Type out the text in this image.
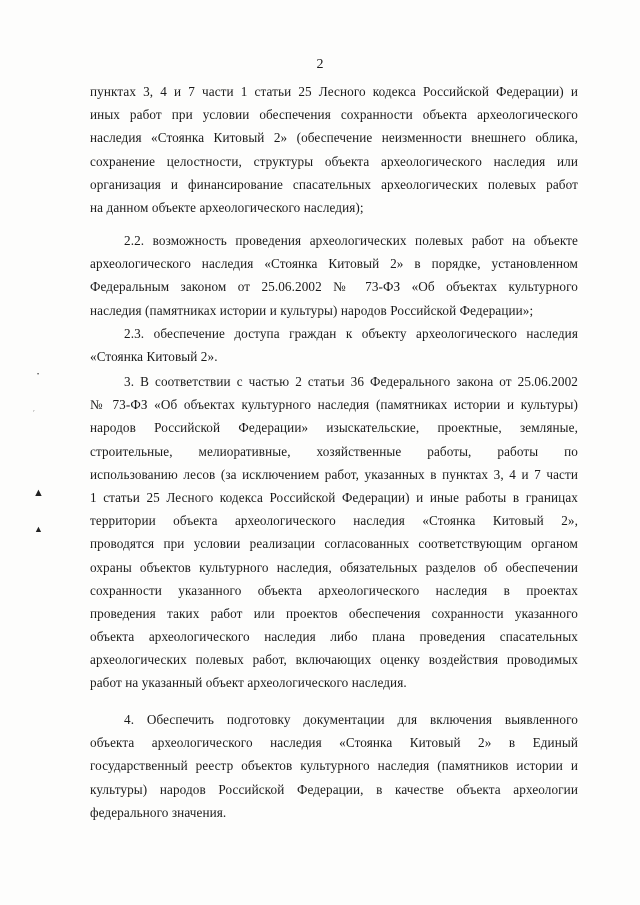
2
пунктах 3, 4 и 7 части 1 статьи 25 Лесного кодекса Российской Федерации) и
иных работ при условии обеспечения сохранности объекта археологического
наследия «Стоянка Китовый 2» (обеспечение неизменности внешнего облика,
сохранение целостности, структуры объекта археологического наследия или
организация и финансирование спасательных археологических полевых работ
на данном объекте археологического наследия);
2.2. возможность проведения археологических полевых работ на объекте
археологического наследия «Стоянка Китовый 2» в порядке, установленном
Федеральным законом от 25.06.2002 № 73-ФЗ «Об объектах культурного
наследия (памятниках истории и культуры) народов Российской Федерации»;
2.3. обеспечение доступа граждан к объекту археологического наследия
«Стоянка Китовый 2».
3. В соответствии с частью 2 статьи 36 Федерального закона от 25.06.2002
№ 73-ФЗ «Об объектах культурного наследия (памятниках истории и культуры)
народов Российской Федерации» изыскательские, проектные, земляные,
строительные, мелиоративные, хозяйственные работы, работы по
использованию лесов (за исключением работ, указанных в пунктах 3, 4 и 7 части
1 статьи 25 Лесного кодекса Российской Федерации) и иные работы в границах
территории объекта археологического наследия «Стоянка Китовый 2»,
проводятся при условии реализации согласованных соответствующим органом
охраны объектов культурного наследия, обязательных разделов об обеспечении
сохранности указанного объекта археологического наследия в проектах
проведения таких работ или проектов обеспечения сохранности указанного
объекта археологического наследия либо плана проведения спасательных
археологических полевых работ, включающих оценку воздействия проводимых
работ на указанный объект археологического наследия.
4. Обеспечить подготовку документации для включения выявленного
объекта археологического наследия «Стоянка Китовый 2» в Единый
государственный реестр объектов культурного наследия (памятников истории и
культуры) народов Российской Федерации, в качестве объекта археологии
федерального значения.
•
׳
▲
▲
